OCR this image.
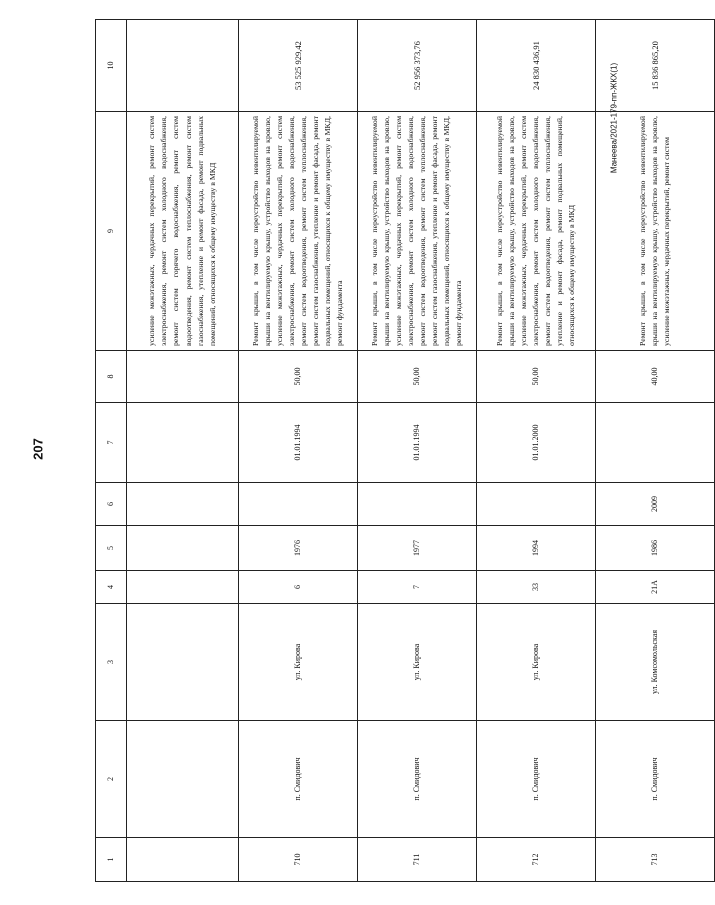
207
Манеева/2021-179-пп-ЖКХ(1)
1	2	3	4	5	6	7	8	9	10
								усиление межэтажных, чердачных перекрытий, ремонт систем электроснабжения, ремонт систем холодного водоснабжения, ремонт систем горячего водоснабжения, ремонт систем водоотведения, ремонт систем теплоснабжения, ремонт систем газоснабжения, утепление и ремонт фасада, ремонт подвальных помещений, относящихся к общему имуществу в МКД	
710	п. Смидович	ул. Кирова	6	1976		01.01.1994	50,00	Ремонт крыши, в том числе переустройство невентилируемой крыши на вентилируемую крышу, устройство выходов на кровлю, усиление межэтажных, чердачных перекрытий, ремонт систем электроснабжения, ремонт систем холодного водоснабжения, ремонт систем водоотведения, ремонт систем теплоснабжения, ремонт систем газоснабжения, утепление и ремонт фасада, ремонт подвальных помещений, относящихся к общему имуществу в МКД, ремонт фундамента	53 525 929,42
711	п. Смидович	ул. Кирова	7	1977		01.01.1994	50,00	Ремонт крыши, в том числе переустройство невентилируемой крыши на вентилируемую крышу, устройство выходов на кровлю, усиление межэтажных, чердачных перекрытий, ремонт систем электроснабжения, ремонт систем холодного водоснабжения, ремонт систем водоотведения, ремонт систем теплоснабжения, ремонт систем газоснабжения, утепление и ремонт фасада, ремонт подвальных помещений, относящихся к общему имуществу в МКД, ремонт фундамента	52 956 373,76
712	п. Смидович	ул. Кирова	33	1994		01.01.2000	50,00	Ремонт крыши, в том числе переустройство невентилируемой крыши на вентилируемую крышу, устройство выходов на кровлю, усиление межэтажных, чердачных перекрытий, ремонт систем электроснабжения, ремонт систем холодного водоснабжения, ремонт систем водоотведения, ремонт систем теплоснабжения, утепление и ремонт фасада, ремонт подвальных помещений, относящихся к общему имуществу в МКД	24 830 436,91
713	п. Смидович	ул. Комсомольская	21А	1986	2009		40,00	Ремонт крыши, в том числе переустройство невентилируемой крыши на вентилируемую крышу, устройство выходов на кровлю, усиление межэтажных, чердачных перекрытий, ремонт систем	15 836 865,20
